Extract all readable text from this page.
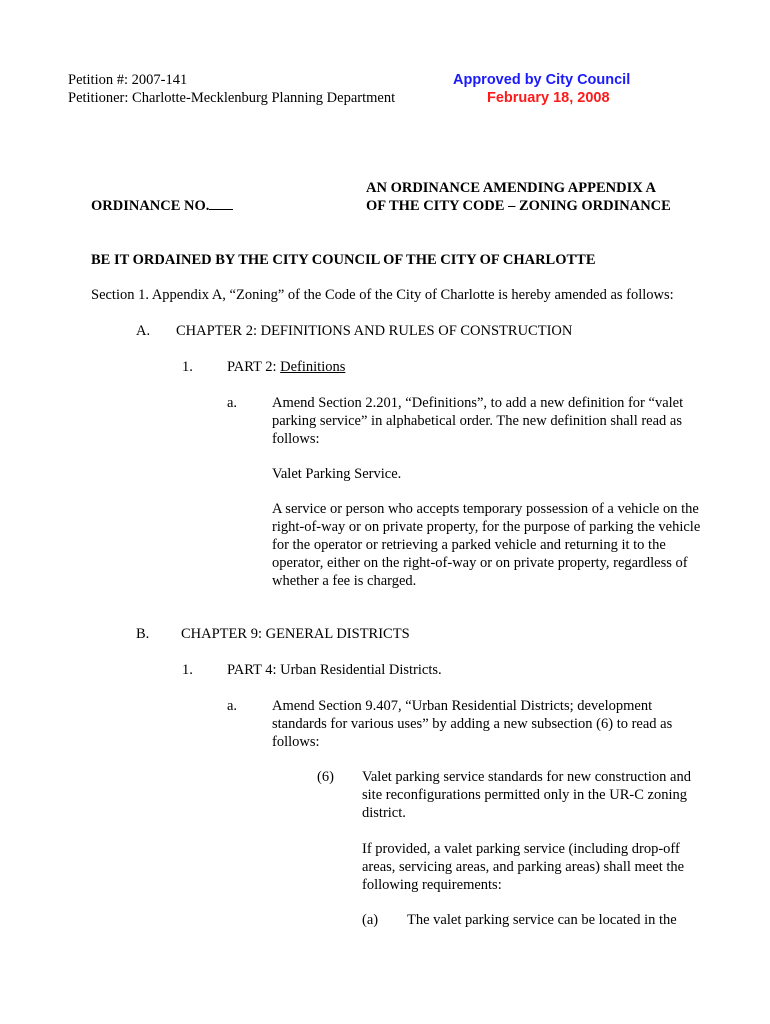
Petition #: 2007-141

Petitioner: Charlotte-Mecklenburg Planning Department

Approved by City Council

February 18, 2008

ORDINANCE NO.

AN ORDINANCE AMENDING APPENDIX A

OF THE CITY CODE – ZONING ORDINANCE

BE IT ORDAINED BY THE CITY COUNCIL OF THE CITY OF CHARLOTTE

Section 1. Appendix A, “Zoning” of the Code of the City of Charlotte is hereby amended as follows:

A. CHAPTER 2: DEFINITIONS AND RULES OF CONSTRUCTION

1. PART 2: Definitions

a. Amend Section 2.201, “Definitions”, to add a new definition for “valet parking service” in alphabetical order. The new definition shall read as follows:

Valet Parking Service.

A service or person who accepts temporary possession of a vehicle on the right-of-way or on private property, for the purpose of parking the vehicle for the operator or retrieving a parked vehicle and returning it to the operator, either on the right-of-way or on private property, regardless of whether a fee is charged.

B. CHAPTER 9: GENERAL DISTRICTS

1. PART 4: Urban Residential Districts.

a. Amend Section 9.407, “Urban Residential Districts; development standards for various uses” by adding a new subsection (6) to read as follows:

(6) Valet parking service standards for new construction and site reconfigurations permitted only in the UR-C zoning district.

If provided, a valet parking service (including drop-off areas, servicing areas, and parking areas) shall meet the following requirements:

(a) The valet parking service can be located in the
